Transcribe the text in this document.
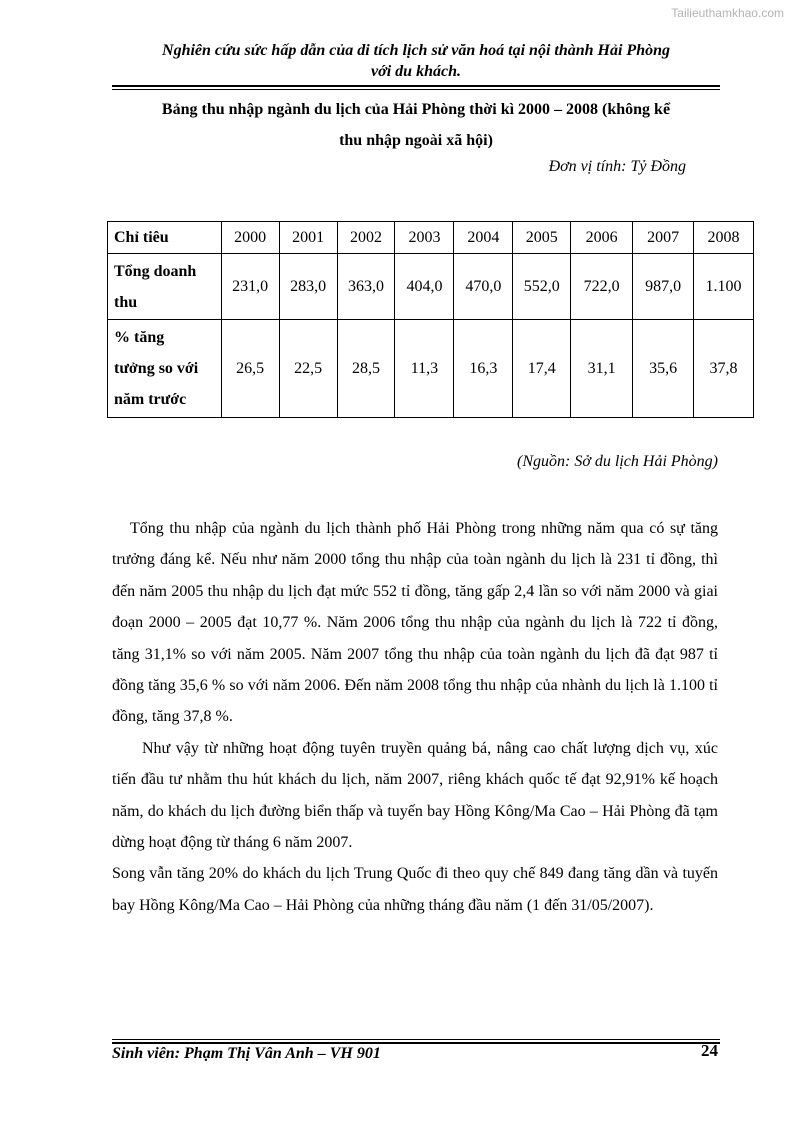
Tailieuthamkhao.com
Nghiên cứu sức hấp dẫn của di tích lịch sử văn hoá tại nội thành Hải Phòng
với du khách.
Bảng thu nhập ngành du lịch của Hải Phòng thời kì 2000 – 2008 (không kể
thu nhập ngoài xã hội)
Đơn vị tính: Tỷ Đồng
Chỉ tiêu	2000	2001	2002	2003	2004	2005	2006	2007	2008

Tổng doanh
thu	231,0	283,0	363,0	404,0	470,0	552,0	722,0	987,0	1.100

% tăng
tưởng so với
năm trước	26,5	22,5	28,5	11,3	16,3	17,4	31,1	35,6	37,8
(Nguồn: Sở du lịch Hải Phòng)

Tổng thu nhập của ngành du lịch thành phố Hải Phòng trong những năm qua có sự tăng trưởng đáng kể. Nếu như năm 2000 tổng thu nhập của toàn ngành du lịch là 231 tỉ đồng, thì đến năm 2005 thu nhập du lịch đạt mức 552 tỉ đồng, tăng gấp 2,4 lần so với năm 2000 và giai đoạn 2000 – 2005 đạt 10,77 %. Năm 2006 tổng thu nhập của ngành du lịch là 722 tỉ đồng, tăng 31,1% so với năm 2005. Năm 2007 tổng thu nhập của toàn ngành du lịch đã đạt 987 tỉ đồng tăng 35,6 % so với năm 2006. Đến năm 2008 tổng thu nhập của nhành du lịch là 1.100 tỉ đồng, tăng 37,8 %.

Như vậy từ những hoạt động tuyên truyền quảng bá, nâng cao chất lượng dịch vụ, xúc tiến đầu tư nhằm thu hút khách du lịch, năm 2007, riêng khách quốc tế đạt 92,91% kế hoạch năm, do khách du lịch đường biển thấp và tuyến bay Hồng Kông/Ma Cao – Hải Phòng đã tạm dừng hoạt động từ tháng 6 năm 2007.

Song vẫn tăng 20% do khách du lịch Trung Quốc đi theo quy chế 849 đang tăng dần và tuyến bay Hồng Kông/Ma Cao – Hải Phòng của những tháng đầu năm (1 đến 31/05/2007).

Sinh viên: Phạm Thị Vân Anh – VH 901	24
